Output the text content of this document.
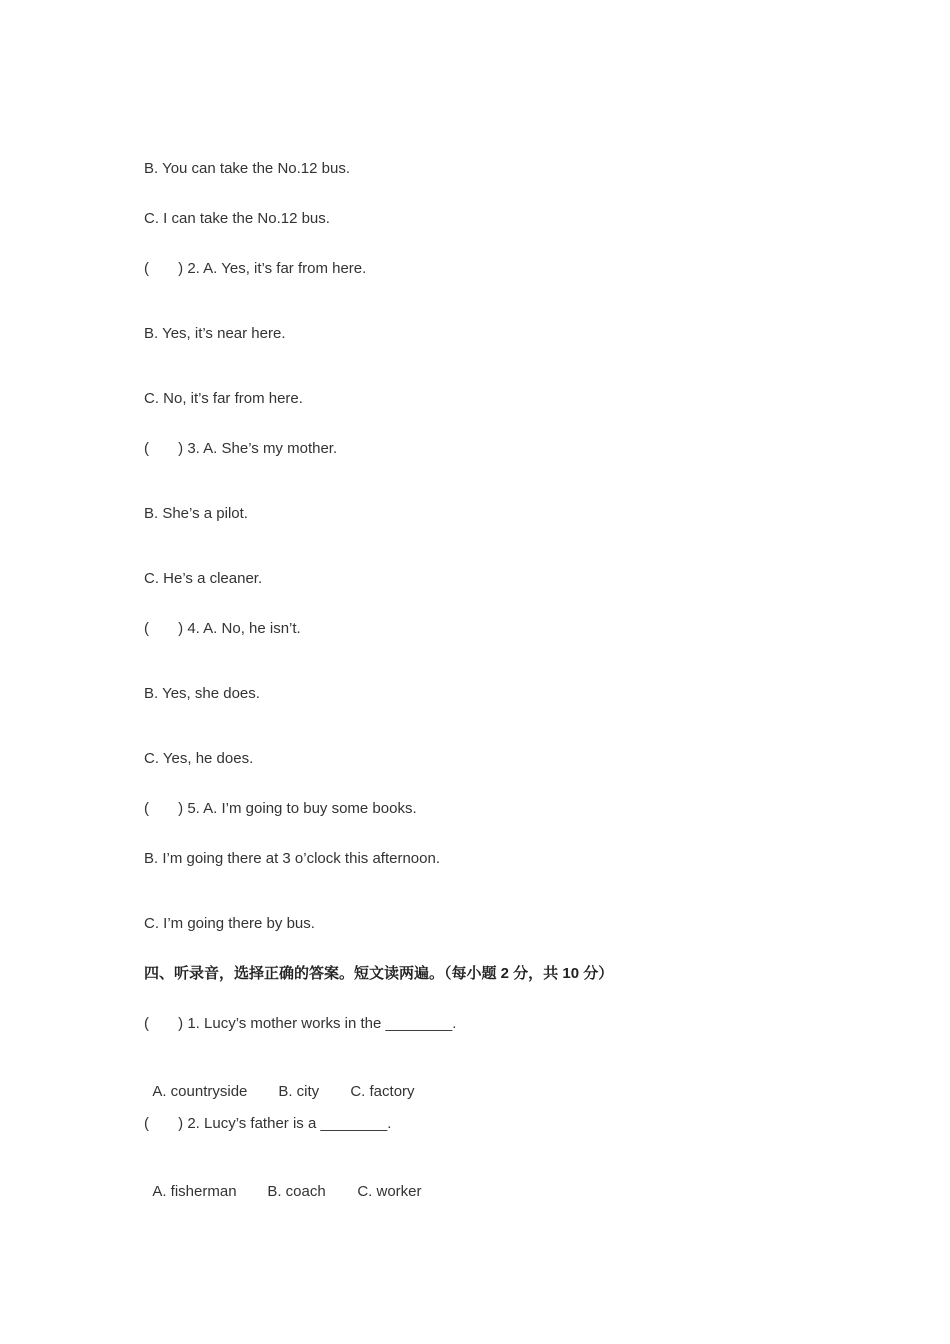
B. You can take the No.12 bus.
C. I can take the No.12 bus.
(       ) 2. A. Yes, it’s far from here.
B. Yes, it’s near here.
C. No, it’s far from here.
(       ) 3. A. She’s my mother.
B. She’s a pilot.
C. He’s a cleaner.
(       ) 4. A. No, he isn’t.
B. Yes, she does.
C. Yes, he does.
(       ) 5. A. I’m going to buy some books.
B. I’m going there at 3 o’clock this afternoon.
C. I’m going there by bus.
四、听录音，选择正确的答案。短文读两遍。（每小题 2 分，共 10 分）
(       ) 1. Lucy’s mother works in the ________.

A. countryside B. city C. factory

(       ) 2. Lucy’s father is a ________.

A. fisherman B. coach C. worker
